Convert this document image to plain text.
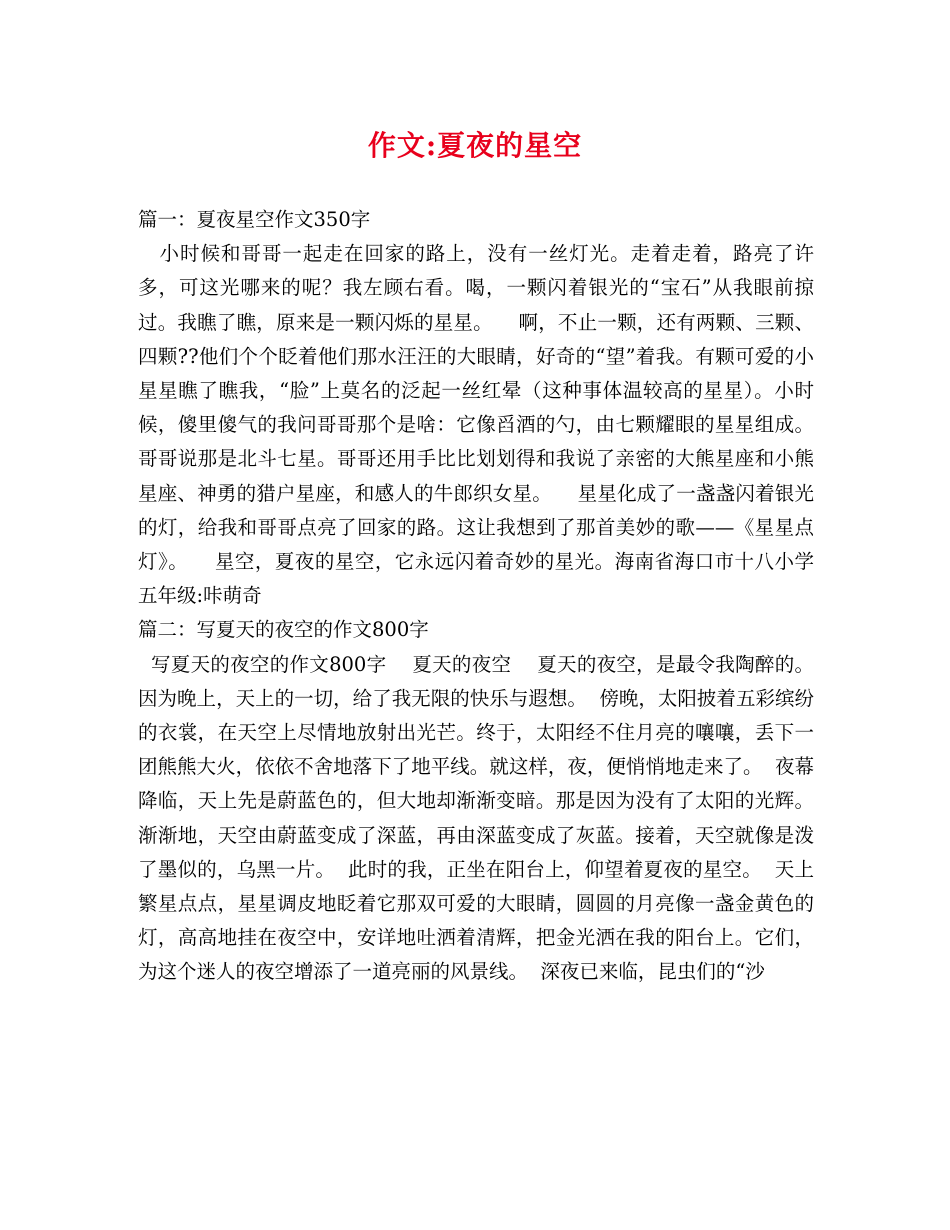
作文:夏夜的星空

篇一：夏夜星空作文350字

小时候和哥哥一起走在回家的路上，没有一丝灯光。走着走着，路亮了许多，可这光哪来的呢？我左顾右看。喝，一颗闪着银光的“宝石”从我眼前掠过。我瞧了瞧，原来是一颗闪烁的星星。    啊，不止一颗，还有两颗、三颗、四颗??他们个个眨着他们那水汪汪的大眼睛，好奇的“望”着我。有颗可爱的小星星瞧了瞧我，“脸”上莫名的泛起一丝红晕（这种事体温较高的星星）。小时候，傻里傻气的我问哥哥那个是啥：它像舀酒的勺，由七颗耀眼的星星组成。哥哥说那是北斗七星。哥哥还用手比比划划得和我说了亲密的大熊星座和小熊星座、神勇的猎户星座，和感人的牛郎织女星。    星星化成了一盏盏闪着银光的灯，给我和哥哥点亮了回家的路。这让我想到了那首美妙的歌——《星星点灯》。    星空，夏夜的星空，它永远闪着奇妙的星光。海南省海口市十八小学五年级:咔萌奇

篇二：写夏天的夜空的作文800字

写夏天的夜空的作文800字    夏天的夜空    夏天的夜空，是最令我陶醉的。因为晚上，天上的一切，给了我无限的快乐与遐想。  傍晚，太阳披着五彩缤纷的衣裳，在天空上尽情地放射出光芒。终于，太阳经不住月亮的嚷嚷，丢下一团熊熊大火，依依不舍地落下了地平线。就这样，夜，便悄悄地走来了。  夜幕降临，天上先是蔚蓝色的，但大地却渐渐变暗。那是因为没有了太阳的光辉。渐渐地，天空由蔚蓝变成了深蓝，再由深蓝变成了灰蓝。接着，天空就像是泼了墨似的，乌黑一片。  此时的我，正坐在阳台上，仰望着夏夜的星空。  天上繁星点点，星星调皮地眨着它那双可爱的大眼睛，圆圆的月亮像一盏金黄色的灯，高高地挂在夜空中，安详地吐洒着清辉，把金光洒在我的阳台上。它们，为这个迷人的夜空增添了一道亮丽的风景线。  深夜已来临，昆虫们的“沙
